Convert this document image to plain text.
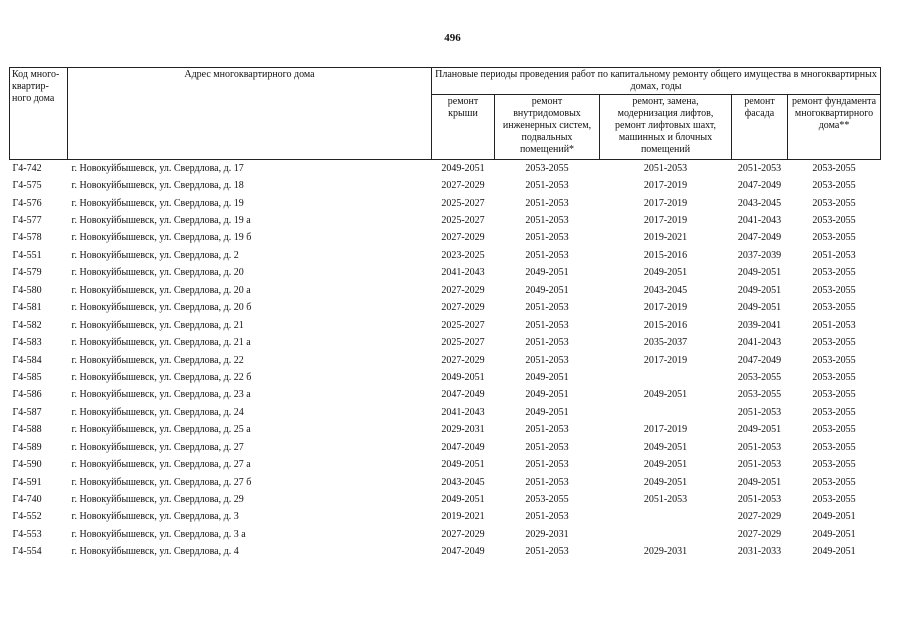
496
Код много-квартир-ного дома	Адрес многоквартирного дома	Плановые периоды проведения работ по капитальному ремонту общего имущества в многоквартирных домах, годы				
		ремонт крыши	ремонт внутридомовых инженерных систем, подвальных помещений*	ремонт, замена, модернизация лифтов, ремонт лифтовых шахт, машинных и блочных помещений	ремонт фасада	ремонт фундамента многоквартирного дома**
Г4-742	г. Новокуйбышевск, ул. Свердлова, д. 17	2049-2051	2053-2055	2051-2053	2051-2053	2053-2055
Г4-575	г. Новокуйбышевск, ул. Свердлова, д. 18	2027-2029	2051-2053	2017-2019	2047-2049	2053-2055
Г4-576	г. Новокуйбышевск, ул. Свердлова, д. 19	2025-2027	2051-2053	2017-2019	2043-2045	2053-2055
Г4-577	г. Новокуйбышевск, ул. Свердлова, д. 19 а	2025-2027	2051-2053	2017-2019	2041-2043	2053-2055
Г4-578	г. Новокуйбышевск, ул. Свердлова, д. 19 б	2027-2029	2051-2053	2019-2021	2047-2049	2053-2055
Г4-551	г. Новокуйбышевск, ул. Свердлова, д. 2	2023-2025	2051-2053	2015-2016	2037-2039	2051-2053
Г4-579	г. Новокуйбышевск, ул. Свердлова, д. 20	2041-2043	2049-2051	2049-2051	2049-2051	2053-2055
Г4-580	г. Новокуйбышевск, ул. Свердлова, д. 20 а	2027-2029	2049-2051	2043-2045	2049-2051	2053-2055
Г4-581	г. Новокуйбышевск, ул. Свердлова, д. 20 б	2027-2029	2051-2053	2017-2019	2049-2051	2053-2055
Г4-582	г. Новокуйбышевск, ул. Свердлова, д. 21	2025-2027	2051-2053	2015-2016	2039-2041	2051-2053
Г4-583	г. Новокуйбышевск, ул. Свердлова, д. 21 а	2025-2027	2051-2053	2035-2037	2041-2043	2053-2055
Г4-584	г. Новокуйбышевск, ул. Свердлова, д. 22	2027-2029	2051-2053	2017-2019	2047-2049	2053-2055
Г4-585	г. Новокуйбышевск, ул. Свердлова, д. 22 б	2049-2051	2049-2051		2053-2055	2053-2055
Г4-586	г. Новокуйбышевск, ул. Свердлова, д. 23 а	2047-2049	2049-2051	2049-2051	2053-2055	2053-2055
Г4-587	г. Новокуйбышевск, ул. Свердлова, д. 24	2041-2043	2049-2051		2051-2053	2053-2055
Г4-588	г. Новокуйбышевск, ул. Свердлова, д. 25 а	2029-2031	2051-2053	2017-2019	2049-2051	2053-2055
Г4-589	г. Новокуйбышевск, ул. Свердлова, д. 27	2047-2049	2051-2053	2049-2051	2051-2053	2053-2055
Г4-590	г. Новокуйбышевск, ул. Свердлова, д. 27 а	2049-2051	2051-2053	2049-2051	2051-2053	2053-2055
Г4-591	г. Новокуйбышевск, ул. Свердлова, д. 27 б	2043-2045	2051-2053	2049-2051	2049-2051	2053-2055
Г4-740	г. Новокуйбышевск, ул. Свердлова, д. 29	2049-2051	2053-2055	2051-2053	2051-2053	2053-2055
Г4-552	г. Новокуйбышевск, ул. Свердлова, д. 3	2019-2021	2051-2053		2027-2029	2049-2051
Г4-553	г. Новокуйбышевск, ул. Свердлова, д. 3 а	2027-2029	2029-2031		2027-2029	2049-2051
Г4-554	г. Новокуйбышевск, ул. Свердлова, д. 4	2047-2049	2051-2053	2029-2031	2031-2033	2049-2051
